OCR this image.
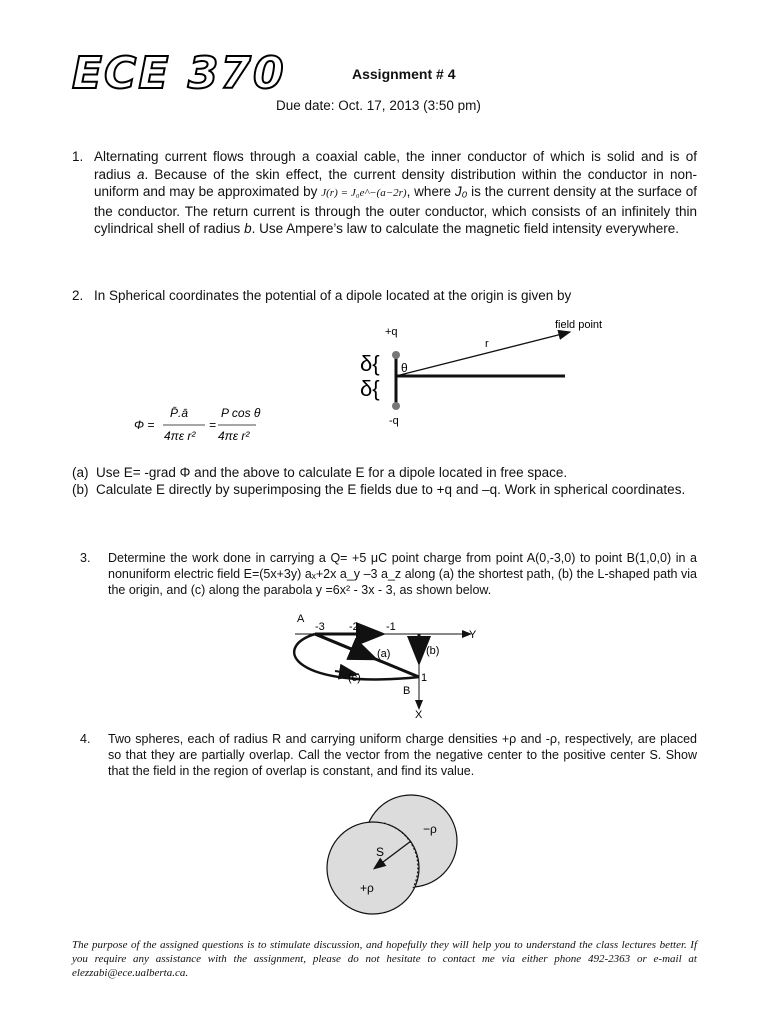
ECE 370	Assignment # 4
Due date: Oct. 17, 2013 (3:50 pm)
1. Alternating current flows through a coaxial cable, the inner conductor of which is solid and is of radius a. Because of the skin effect, the current density distribution within the conductor in non-uniform and may be approximated by J(r) = J₀e^−(a−2r), where J₀ is the current density at the surface of the conductor. The return current is through the outer conductor, which consists of an infinitely thin cylindrical shell of radius b. Use Ampere’s law to calculate the magnetic field intensity everywhere.
2. In Spherical coordinates the potential of a dipole located at the origin is given by
+q
-q
δ{
δ{
θ
r
field point
Φ =
P̄.ā
4πε r²
=
P cos θ
4πε r²
(a) Use E= -grad Φ and the above to calculate E for a dipole located in free space.
(b) Calculate E directly by superimposing the E fields due to +q and –q. Work in spherical coordinates.
3. Determine the work done in carrying a Q= +5 μC point charge from point A(0,-3,0) to point B(1,0,0) in a nonuniform electric field E=(5x+3y) aₓ+2x a_y –3 a_z along (a) the shortest path, (b) the L-shaped path via the origin, and (c) along the parabola y =6x² - 3x - 3, as shown below.
A
-3 -2 -1
Y
(a)	(b)
(c)
B
1
X
4. Two spheres, each of radius R and carrying uniform charge densities +ρ and -ρ, respectively, are placed so that they are partially overlap. Call the vector from the negative center to the positive center S. Show that the field in the region of overlap is constant, and find its value.
−ρ
+ρ
S
The purpose of the assigned questions is to stimulate discussion, and hopefully they will help you to understand the class lectures better. If you require any assistance with the assignment, please do not hesitate to contact me via either phone 492-2363 or e-mail at elezzabi@ece.ualberta.ca.
